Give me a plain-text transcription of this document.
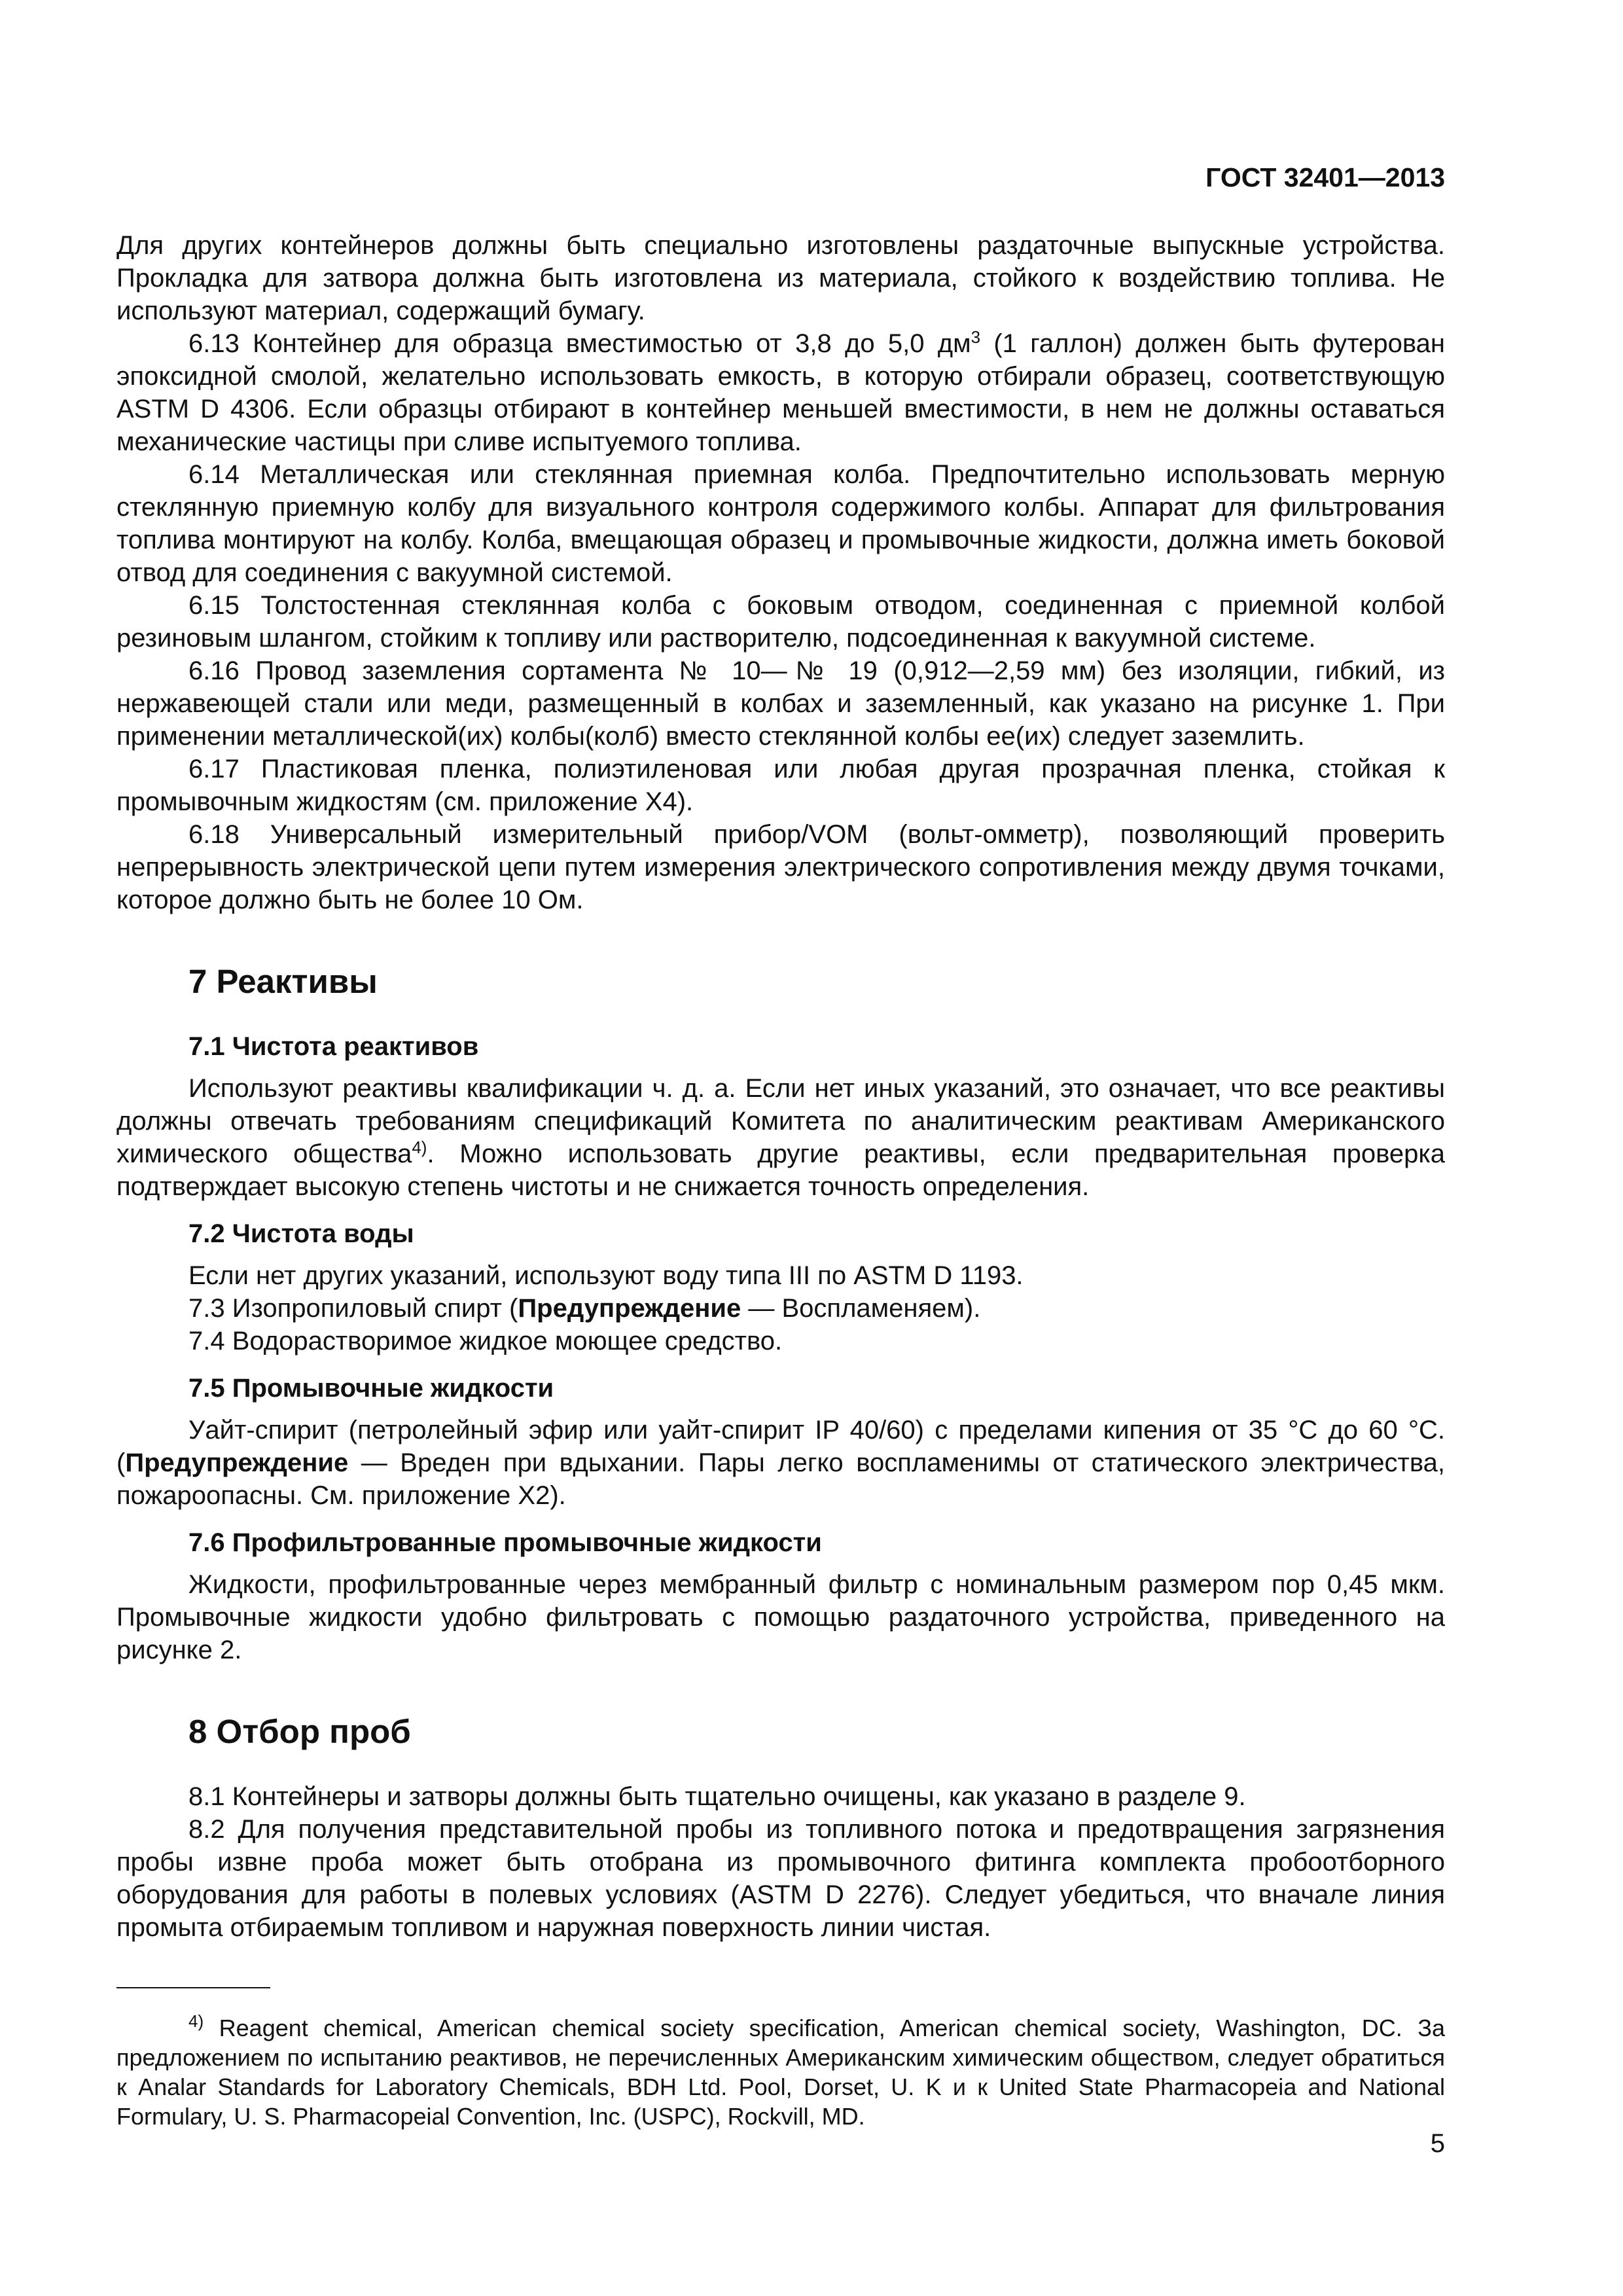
ГОСТ 32401—2013

Для других контейнеров должны быть специально изготовлены раздаточные выпускные устройства. Прокладка для затвора должна быть изготовлена из материала, стойкого к воздействию топлива. Не используют материал, содержащий бумагу.

6.13 Контейнер для образца вместимостью от 3,8 до 5,0 $дм^3$ (1 галлон) должен быть футерован эпоксидной смолой, желательно использовать емкость, в которую отбирали образец, соответствующую ASTM D 4306. Если образцы отбирают в контейнер меньшей вместимости, в нем не должны оставаться механические частицы при сливе испытуемого топлива.

6.14 Металлическая или стеклянная приемная колба. Предпочтительно использовать мерную стеклянную приемную колбу для визуального контроля содержимого колбы. Аппарат для фильтрования топлива монтируют на колбу. Колба, вмещающая образец и промывочные жидкости, должна иметь боковой отвод для соединения с вакуумной системой.

6.15 Толстостенная стеклянная колба с боковым отводом, соединенная с приемной колбой резиновым шлангом, стойким к топливу или растворителю, подсоединенная к вакуумной системе.

6.16 Провод заземления сортамента № 10—№ 19 (0,912—2,59 мм) без изоляции, гибкий, из нержавеющей стали или меди, размещенный в колбах и заземленный, как указано на рисунке 1. При применении металлической(их) колбы(колб) вместо стеклянной колбы ее(их) следует заземлить.

6.17 Пластиковая пленка, полиэтиленовая или любая другая прозрачная пленка, стойкая к промывочным жидкостям (см. приложение Х4).

6.18 Универсальный измерительный прибор/VOM (вольт-омметр), позволяющий проверить непрерывность электрической цепи путем измерения электрического сопротивления между двумя точками, которое должно быть не более 10 Ом.

7 Реактивы
7.1 Чистота реактивов

Используют реактивы квалификации ч. д. а. Если нет иных указаний, это означает, что все реактивы должны отвечать требованиям спецификаций Комитета по аналитическим реактивам Американского химического общества$^{4)}$. Можно использовать другие реактивы, если предварительная проверка подтверждает высокую степень чистоты и не снижается точность определения.

7.2 Чистота воды

Если нет других указаний, используют воду типа III по ASTM D 1193.

7.3 Изопропиловый спирт (Предупреждение — Воспламеняем).

7.4 Водорастворимое жидкое моющее средство.

7.5 Промывочные жидкости

Уайт-спирит (петролейный эфир или уайт-спирит IP 40/60) с пределами кипения от 35 °С до 60 °С. (Предупреждение — Вреден при вдыхании. Пары легко воспламенимы от статического электричества, пожароопасны. См. приложение Х2).

7.6 Профильтрованные промывочные жидкости

Жидкости, профильтрованные через мембранный фильтр с номинальным размером пор 0,45 мкм. Промывочные жидкости удобно фильтровать с помощью раздаточного устройства, приведенного на рисунке 2.

8 Отбор проб

8.1 Контейнеры и затворы должны быть тщательно очищены, как указано в разделе 9.

8.2 Для получения представительной пробы из топливного потока и предотвращения загрязнения пробы извне проба может быть отобрана из промывочного фитинга комплекта пробоотборного оборудования для работы в полевых условиях (ASTM D 2276). Следует убедиться, что вначале линия промыта отбираемым топливом и наружная поверхность линии чистая.

$^{4)}$ Reagent chemical, American chemical society specification, American chemical society, Washington, DC. За предложением по испытанию реактивов, не перечисленных Американским химическим обществом, следует обратиться к Analar Standards for Laboratory Chemicals, BDH Ltd. Pool, Dorset, U. K и к United State Pharmacopeia and National Formulary, U. S. Pharmacopeial Convention, Inc. (USPC), Rockvill, MD.

5
